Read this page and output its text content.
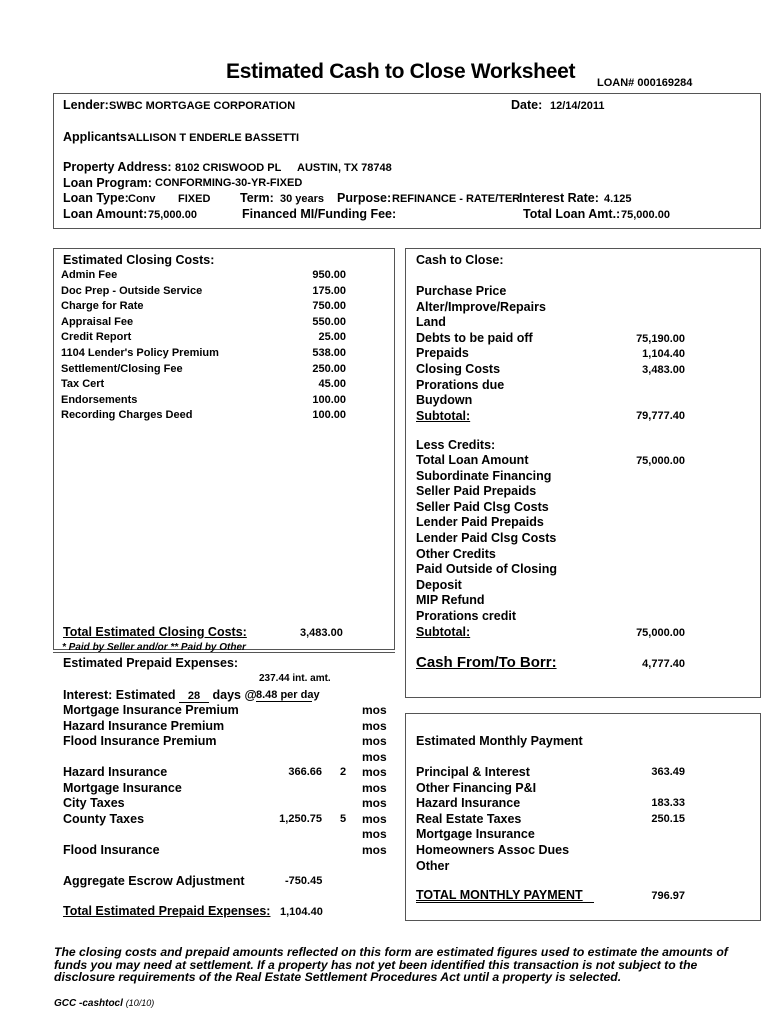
Estimated Cash to Close Worksheet LOAN# 000169284
Lender: SWBC MORTGAGE CORPORATION	Date: 12/14/2011
Applicants:
ALLISON T ENDERLE BASSETTI
Property Address: 8102 CRISWOOD PL AUSTIN, TX 78748
Loan Program: CONFORMING-30-YR-FIXED
Loan Type: Conv FIXED Term: 30 years Purpose: REFINANCE - RATE/TER
Interest Rate: 4.125
Loan Amount: 75,000.00	Financed MI/Funding Fee:	Total Loan Amt.: 75,000.00
Estimated Closing Costs:
Admin Fee	950.00
Doc Prep - Outside Service	175.00
Charge for Rate	750.00
Appraisal Fee	550.00
Credit Report	25.00
1104 Lender's Policy Premium	538.00
Settlement/Closing Fee	250.00
Tax Cert	45.00
Endorsements	100.00
Recording Charges Deed	100.00
Total Estimated Closing Costs:	3,483.00
* Paid by Seller and/or ** Paid by Other
Cash to Close:
Purchase Price
Alter/Improve/Repairs
Land
Debts to be paid off	75,190.00
Prepaids	1,104.40
Closing Costs	3,483.00
Prorations due
Buydown
Subtotal:	79,777.40
Less Credits:
Total Loan Amount	75,000.00
Subordinate Financing
Seller Paid Prepaids
Seller Paid Clsg Costs
Lender Paid Prepaids
Lender Paid Clsg Costs
Other Credits
Paid Outside of Closing
Deposit
MIP Refund
Prorations credit
Subtotal:	75,000.00
Cash From/To Borr:	4,777.40
Estimated Prepaid Expenses:
237.44 int. amt.
Interest: Estimated 28 days @ 8.48 per day
Mortgage Insurance Premium	mos
Hazard Insurance Premium	mos
Flood Insurance Premium	mos
mos
Hazard Insurance	366.66 2 mos
Mortgage Insurance	mos
City Taxes	mos
County Taxes	1,250.75 5 mos
mos
Flood Insurance	mos
Aggregate Escrow Adjustment	-750.45
Total Estimated Prepaid Expenses: 1,104.40
Estimated Monthly Payment
Principal & Interest	363.49
Other Financing P&I
Hazard Insurance	183.33
Real Estate Taxes	250.15
Mortgage Insurance
Homeowners Assoc Dues
Other
TOTAL MONTHLY PAYMENT	796.97
The closing costs and prepaid amounts reflected on this form are estimated figures used to estimate the amounts of funds you may need at settlement. If a property has not yet been identified this transaction is not subject to the disclosure requirements of the Real Estate Settlement Procedures Act until a property is selected.
GCC -cashtocl (10/10)
